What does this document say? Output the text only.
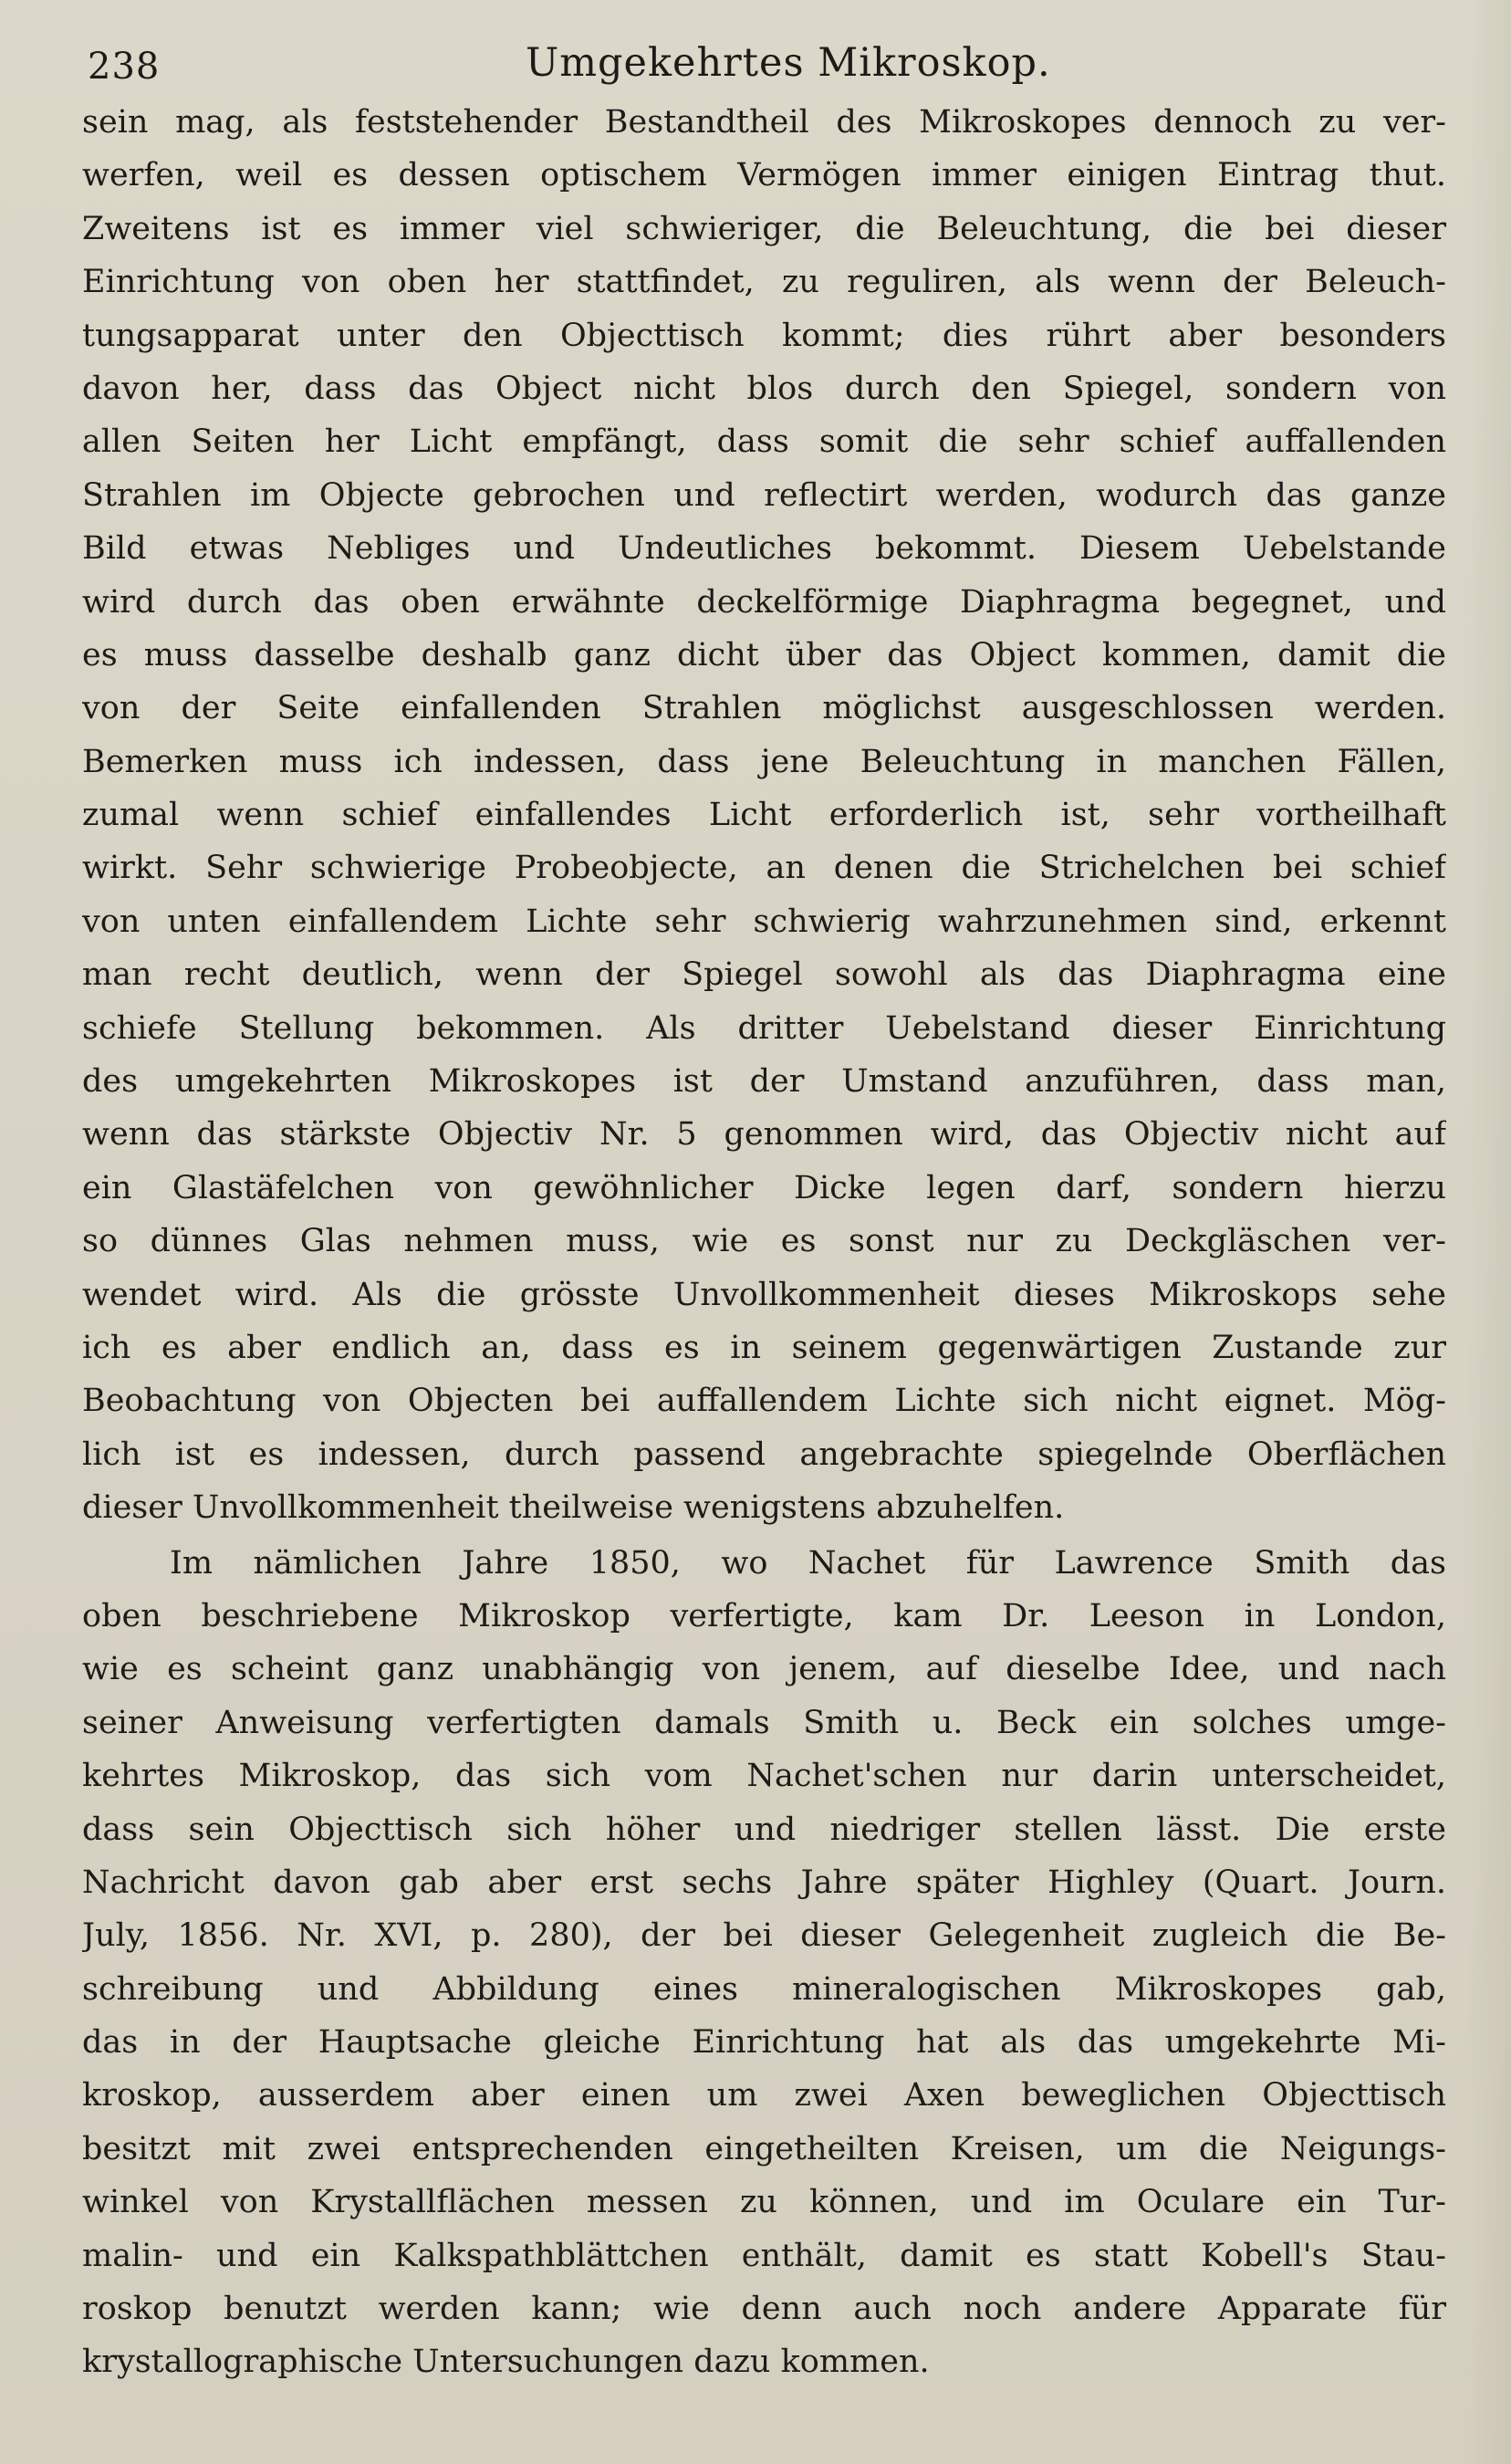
238	Umgekehrtes Mikroskop.
sein mag, als feststehender Bestandtheil des Mikroskopes dennoch zu ver-
werfen, weil es dessen optischem Vermögen immer einigen Eintrag thut.
Zweitens ist es immer viel schwieriger, die Beleuchtung, die bei dieser
Einrichtung von oben her stattfindet, zu reguliren, als wenn der Beleuch-
tungsapparat unter den Objecttisch kommt; dies rührt aber besonders
davon her, dass das Object nicht blos durch den Spiegel, sondern von
allen Seiten her Licht empfängt, dass somit die sehr schief auffallenden
Strahlen im Objecte gebrochen und reflectirt werden, wodurch das ganze
Bild etwas Nebliges und Undeutliches bekommt. Diesem Uebelstande
wird durch das oben erwähnte deckelförmige Diaphragma begegnet, und
es muss dasselbe deshalb ganz dicht über das Object kommen, damit die
von der Seite einfallenden Strahlen möglichst ausgeschlossen werden.
Bemerken muss ich indessen, dass jene Beleuchtung in manchen Fällen,
zumal wenn schief einfallendes Licht erforderlich ist, sehr vortheilhaft
wirkt. Sehr schwierige Probeobjecte, an denen die Strichelchen bei schief
von unten einfallendem Lichte sehr schwierig wahrzunehmen sind, erkennt
man recht deutlich, wenn der Spiegel sowohl als das Diaphragma eine
schiefe Stellung bekommen. Als dritter Uebelstand dieser Einrichtung
des umgekehrten Mikroskopes ist der Umstand anzuführen, dass man,
wenn das stärkste Objectiv Nr. 5 genommen wird, das Objectiv nicht auf
ein Glastäfelchen von gewöhnlicher Dicke legen darf, sondern hierzu
so dünnes Glas nehmen muss, wie es sonst nur zu Deckgläschen ver-
wendet wird. Als die grösste Unvollkommenheit dieses Mikroskops sehe
ich es aber endlich an, dass es in seinem gegenwärtigen Zustande zur
Beobachtung von Objecten bei auffallendem Lichte sich nicht eignet. Mög-
lich ist es indessen, durch passend angebrachte spiegelnde Oberflächen
dieser Unvollkommenheit theilweise wenigstens abzuhelfen.
Im nämlichen Jahre 1850, wo Nachet für Lawrence Smith das
oben beschriebene Mikroskop verfertigte, kam Dr. Leeson in London,
wie es scheint ganz unabhängig von jenem, auf dieselbe Idee, und nach
seiner Anweisung verfertigten damals Smith u. Beck ein solches umge-
kehrtes Mikroskop, das sich vom Nachet'schen nur darin unterscheidet,
dass sein Objecttisch sich höher und niedriger stellen lässt. Die erste
Nachricht davon gab aber erst sechs Jahre später Highley (Quart. Journ.
July, 1856. Nr. XVI, p. 280), der bei dieser Gelegenheit zugleich die Be-
schreibung und Abbildung eines mineralogischen Mikroskopes gab,
das in der Hauptsache gleiche Einrichtung hat als das umgekehrte Mi-
kroskop, ausserdem aber einen um zwei Axen beweglichen Objecttisch
besitzt mit zwei entsprechenden eingetheilten Kreisen, um die Neigungs-
winkel von Krystallflächen messen zu können, und im Oculare ein Tur-
malin- und ein Kalkspathblättchen enthält, damit es statt Kobell's Stau-
roskop benutzt werden kann; wie denn auch noch andere Apparate für
krystallographische Untersuchungen dazu kommen.
